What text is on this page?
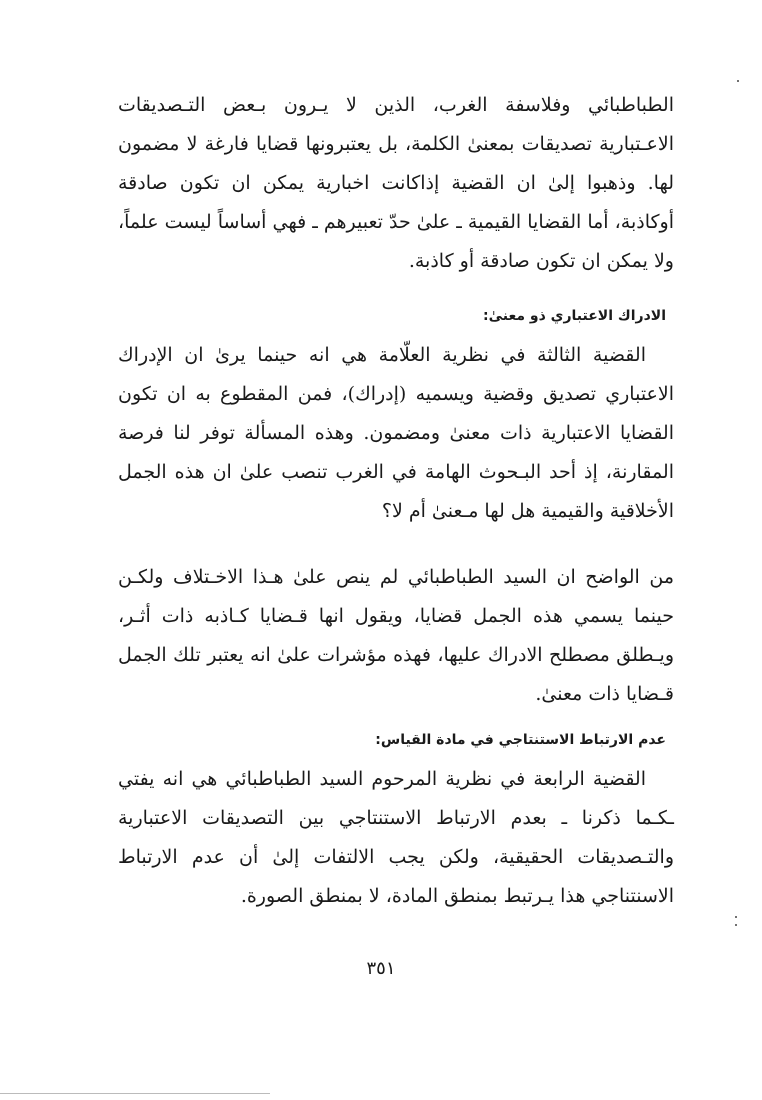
الطباطبائي وفلاسفة الغرب، الذين لا يـرون بـعض التـصديقات الاعـتبارية تصديقات بمعنىٰ الكلمة، بل يعتبرونها قضايا فارغة لا مضمون لها. وذهبوا إلىٰ ان القضية إذاكانت اخبارية يمكن ان تكون صادقة أوكاذبة، أما القضايا القيمية ـ علىٰ حدّ تعبيرهم ـ فهي أساساً ليست علماً، ولا يمكن ان تكون صادقة أو كاذبة.

الادراك الاعتباري ذو معنىٰ:

القضية الثالثة في نظرية العلّامة هي انه حينما يرىٰ ان الإدراك الاعتباري تصديق وقضية ويسميه (إدراك)، فمن المقطوع به ان تكون القضايا الاعتبارية ذات معنىٰ ومضمون. وهذه المسألة توفر لنا فرصة المقارنة، إذ أحد البـحوث الهامة في الغرب تنصب علىٰ ان هذه الجمل الأخلاقية والقيمية هل لها مـعنىٰ أم لا؟

من الواضح ان السيد الطباطبائي لم ينص علىٰ هـذا الاخـتلاف ولكـن حينما يسمي هذه الجمل قضايا، ويقول انها قـضايا كـاذبه ذات أثـر، ويـطلق مصطلح الادراك عليها، فهذه مؤشرات علىٰ انه يعتبر تلك الجمل قـضايا ذات معنىٰ.

عدم الارتباط الاستنتاجي في مادة القياس:

القضية الرابعة في نظرية المرحوم السيد الطباطبائي هي انه يفتي ـكـما ذكرنا ـ بعدم الارتباط الاستنتاجي بين التصديقات الاعتبارية والتـصديقات الحقيقية، ولكن يجب الالتفات إلىٰ أن عدم الارتباط الاسنتناجي هذا يـرتبط بمنطق المادة، لا بمنطق الصورة.

٣٥١
